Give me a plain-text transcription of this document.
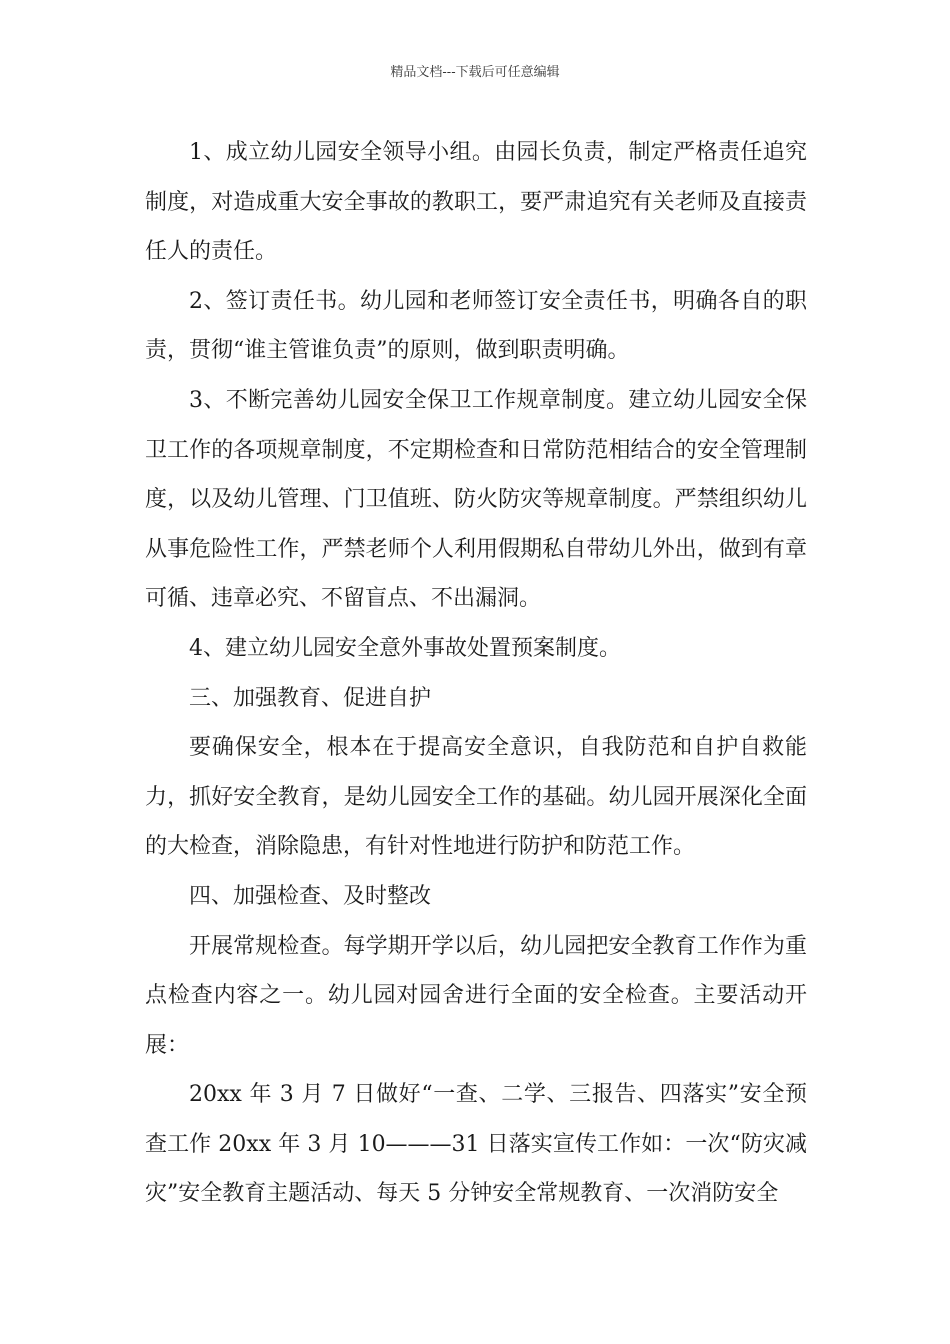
精品文档---下载后可任意编辑

1、成立幼儿园安全领导小组。由园长负责，制定严格责任追究制度，对造成重大安全事故的教职工，要严肃追究有关老师及直接责任人的责任。

2、签订责任书。幼儿园和老师签订安全责任书，明确各自的职责，贯彻“谁主管谁负责”的原则，做到职责明确。

3、不断完善幼儿园安全保卫工作规章制度。建立幼儿园安全保卫工作的各项规章制度，不定期检查和日常防范相结合的安全管理制度，以及幼儿管理、门卫值班、防火防灾等规章制度。严禁组织幼儿从事危险性工作，严禁老师个人利用假期私自带幼儿外出，做到有章可循、违章必究、不留盲点、不出漏洞。

4、建立幼儿园安全意外事故处置预案制度。

三、加强教育、促进自护

要确保安全，根本在于提高安全意识，自我防范和自护自救能力，抓好安全教育，是幼儿园安全工作的基础。幼儿园开展深化全面的大检查，消除隐患，有针对性地进行防护和防范工作。

四、加强检查、及时整改

开展常规检查。每学期开学以后，幼儿园把安全教育工作作为重点检查内容之一。幼儿园对园舍进行全面的安全检查。主要活动开展：

20xx 年 3 月 7 日做好“一查、二学、三报告、四落实”安全预查工作 20xx 年 3 月 10———31 日落实宣传工作如：一次“防灾减灾”安全教育主题活动、每天 5 分钟安全常规教育、一次消防安全
